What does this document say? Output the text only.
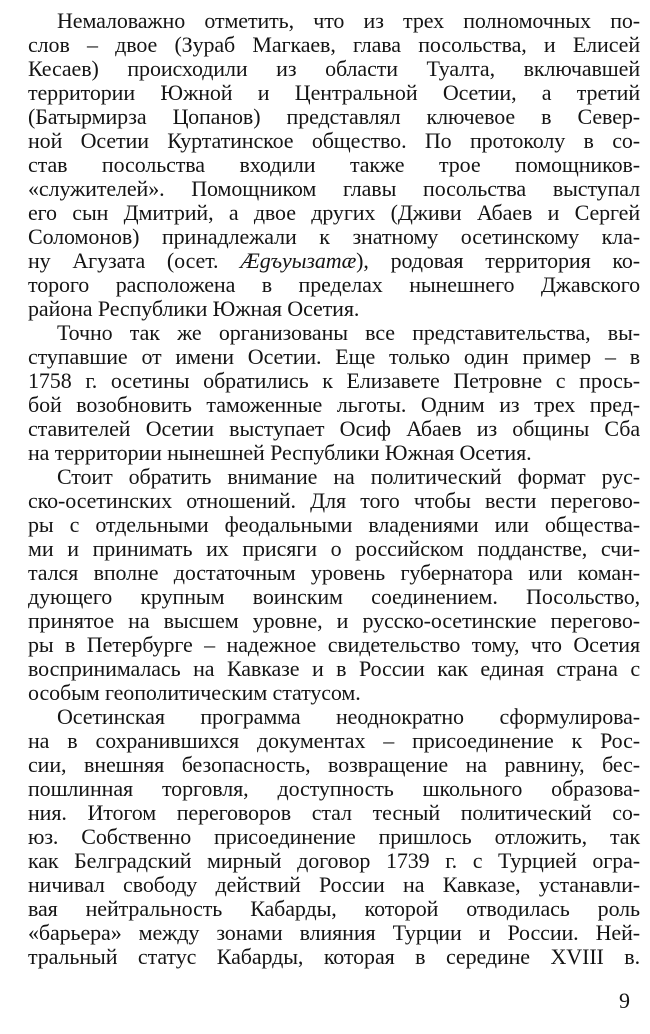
Немаловажно отметить, что из трех полномочных по-
слов – двое (Зураб Магкаев, глава посольства, и Елисей
Кесаев) происходили из области Туалта, включавшей
территории Южной и Центральной Осетии, а третий
(Батырмирза Цопанов) представлял ключевое в Север-
ной Осетии Куртатинское общество. По протоколу в со-
став посольства входили также трое помощников-
«служителей». Помощником главы посольства выступал
его сын Дмитрий, а двое других (Дживи Абаев и Сергей
Соломонов) принадлежали к знатному осетинскому кла-
ну Агузата (осет. Ægъуызатæ), родовая территория ко-
торого расположена в пределах нынешнего Джавского
района Республики Южная Осетия.
Точно так же организованы все представительства, вы-
ступавшие от имени Осетии. Еще только один пример – в
1758 г. осетины обратились к Елизавете Петровне с прось-
бой возобновить таможенные льготы. Одним из трех пред-
ставителей Осетии выступает Осиф Абаев из общины Сба
на территории нынешней Республики Южная Осетия.
Стоит обратить внимание на политический формат рус-
ско-осетинских отношений. Для того чтобы вести перегово-
ры с отдельными феодальными владениями или общества-
ми и принимать их присяги о российском подданстве, счи-
тался вполне достаточным уровень губернатора или коман-
дующего крупным воинским соединением. Посольство,
принятое на высшем уровне, и русско-осетинские перегово-
ры в Петербурге – надежное свидетельство тому, что Осетия
воспринималась на Кавказе и в России как единая страна с
особым геополитическим статусом.
Осетинская программа неоднократно сформулирова-
на в сохранившихся документах – присоединение к Рос-
сии, внешняя безопасность, возвращение на равнину, бес-
пошлинная торговля, доступность школьного образова-
ния. Итогом переговоров стал тесный политический со-
юз. Собственно присоединение пришлось отложить, так
как Белградский мирный договор 1739 г. с Турцией огра-
ничивал свободу действий России на Кавказе, устанавли-
вая нейтральность Кабарды, которой отводилась роль
«барьера» между зонами влияния Турции и России. Ней-
тральный статус Кабарды, которая в середине XVIII в.
9
